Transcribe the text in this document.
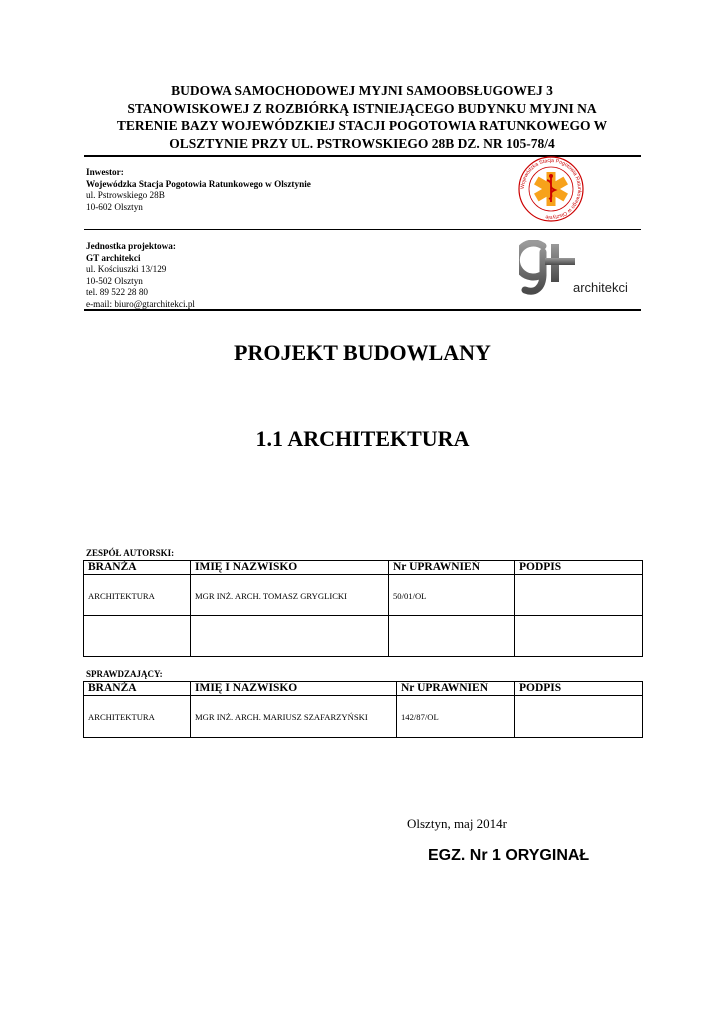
BUDOWA SAMOCHODOWEJ MYJNI SAMOOBSŁUGOWEJ 3
STANOWISKOWEJ Z ROZBIÓRKĄ ISTNIEJĄCEGO BUDYNKU MYJNI NA
TERENIE BAZY WOJEWÓDZKIEJ STACJI POGOTOWIA RATUNKOWEGO W
OLSZTYNIE PRZY UL. PSTROWSKIEGO 28B DZ. NR 105-78/4
Inwestor:
Wojewódzka Stacja Pogotowia Ratunkowego w Olsztynie
ul. Pstrowskiego 28B
10-602 Olsztyn
Wojewódzka Stacja Pogotowia Ratunkowego w Olsztynie
Jednostka projektowa:
GT architekci
ul. Kościuszki 13/129
10-502 Olsztyn
tel. 89 522 28 80
e-mail: biuro@gtarchitekci.pl
architekci
PROJEKT BUDOWLANY
1.1 ARCHITEKTURA
ZESPÓŁ AUTORSKI:
BRANŻA	IMIĘ I NAZWISKO	Nr UPRAWNIEŃ	PODPIS
ARCHITEKTURA	MGR INŻ. ARCH. TOMASZ GRYGLICKI	50/01/OL	

SPRAWDZAJĄCY:
BRANŻA	IMIĘ I NAZWISKO	Nr UPRAWNIEŃ	PODPIS
ARCHITEKTURA	MGR INŻ. ARCH. MARIUSZ SZAFARZYŃSKI	142/87/OL	
Olsztyn, maj 2014r
EGZ. Nr 1 ORYGINAŁ
